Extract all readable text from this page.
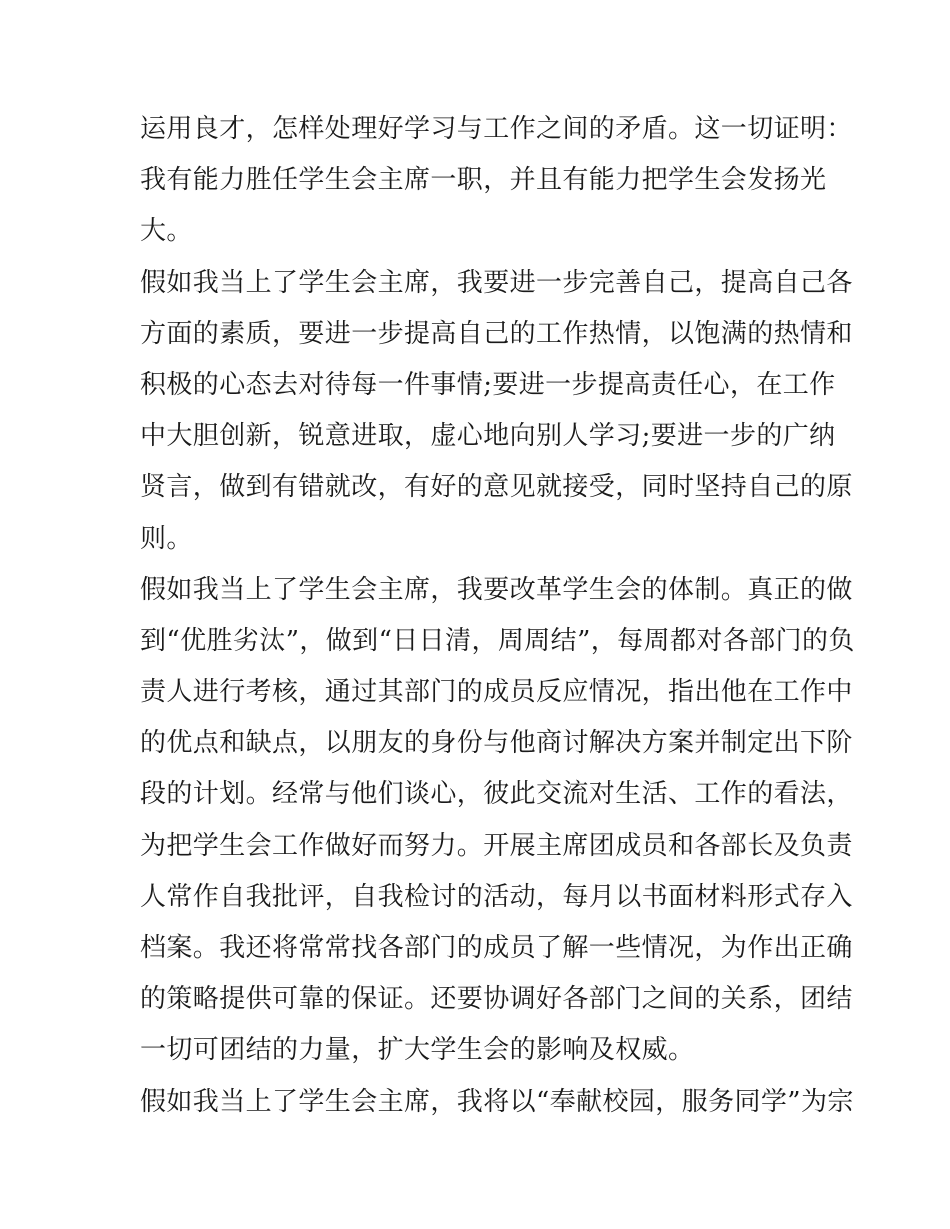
运用良才，怎样处理好学习与工作之间的矛盾。这一切证明：
我有能力胜任学生会主席一职，并且有能力把学生会发扬光
大。
假如我当上了学生会主席，我要进一步完善自己，提高自己各
方面的素质，要进一步提高自己的工作热情，以饱满的热情和
积极的心态去对待每一件事情;要进一步提高责任心，在工作
中大胆创新，锐意进取，虚心地向别人学习;要进一步的广纳
贤言，做到有错就改，有好的意见就接受，同时坚持自己的原
则。
假如我当上了学生会主席，我要改革学生会的体制。真正的做
到“优胜劣汰”，做到“日日清，周周结”，每周都对各部门的负
责人进行考核，通过其部门的成员反应情况，指出他在工作中
的优点和缺点，以朋友的身份与他商讨解决方案并制定出下阶
段的计划。经常与他们谈心，彼此交流对生活、工作的看法，
为把学生会工作做好而努力。开展主席团成员和各部长及负责
人常作自我批评，自我检讨的活动，每月以书面材料形式存入
档案。我还将常常找各部门的成员了解一些情况，为作出正确
的策略提供可靠的保证。还要协调好各部门之间的关系，团结
一切可团结的力量，扩大学生会的影响及权威。
假如我当上了学生会主席，我将以“奉献校园，服务同学”为宗
